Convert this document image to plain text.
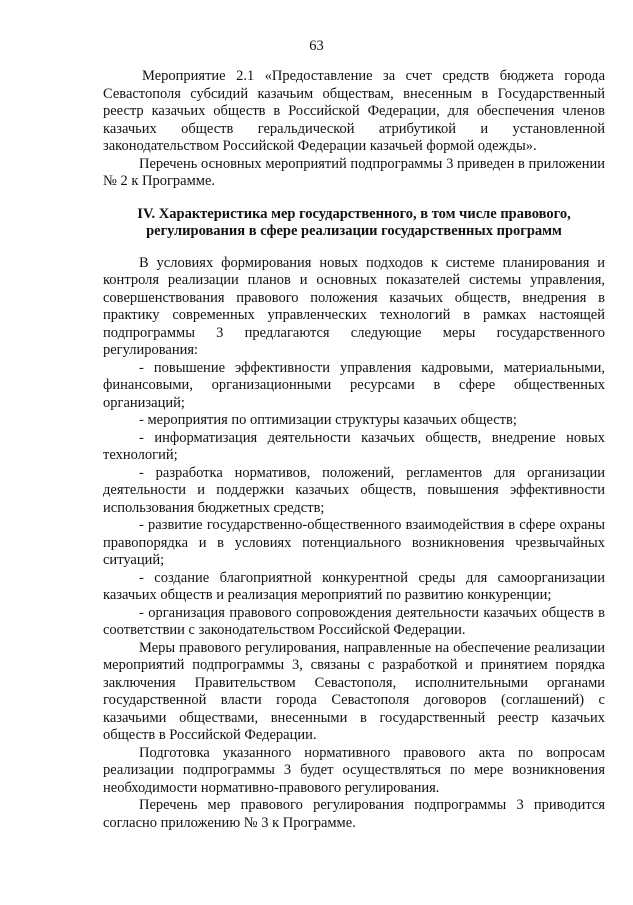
63

Мероприятие 2.1 «Предоставление за счет средств бюджета города Севастополя субсидий казачьим обществам, внесенным в Государственный реестр казачьих обществ в Российской Федерации, для обеспечения членов казачьих обществ геральдической атрибутикой и установленной законодательством Российской Федерации казачьей формой одежды».

Перечень основных мероприятий подпрограммы 3 приведен в приложении № 2 к Программе.

IV. Характеристика мер государственного, в том числе правового,
регулирования в сфере реализации государственных программ

В условиях формирования новых подходов к системе планирования и контроля реализации планов и основных показателей системы управления, совершенствования правового положения казачьих обществ, внедрения в практику современных управленческих технологий в рамках настоящей подпрограммы 3 предлагаются следующие меры государственного регулирования:

- повышение эффективности управления кадровыми, материальными, финансовыми, организационными ресурсами в сфере общественных организаций;

- мероприятия по оптимизации структуры казачьих обществ;

- информатизация деятельности казачьих обществ, внедрение новых технологий;

- разработка нормативов, положений, регламентов для организации деятельности и поддержки казачьих обществ, повышения эффективности использования бюджетных средств;

- развитие государственно-общественного взаимодействия в сфере охраны правопорядка и в условиях потенциального возникновения чрезвычайных ситуаций;

- создание благоприятной конкурентной среды для самоорганизации казачьих обществ и реализация мероприятий по развитию конкуренции;

- организация правового сопровождения деятельности казачьих обществ в соответствии с законодательством Российской Федерации.

Меры правового регулирования, направленные на обеспечение реализации мероприятий подпрограммы 3, связаны с разработкой и принятием порядка заключения Правительством Севастополя, исполнительными органами государственной власти города Севастополя договоров (соглашений) с казачьими обществами, внесенными в государственный реестр казачьих обществ в Российской Федерации.

Подготовка указанного нормативного правового акта по вопросам реализации подпрограммы 3 будет осуществляться по мере возникновения необходимости нормативно-правового регулирования.

Перечень мер правового регулирования подпрограммы 3 приводится согласно приложению № 3 к Программе.
